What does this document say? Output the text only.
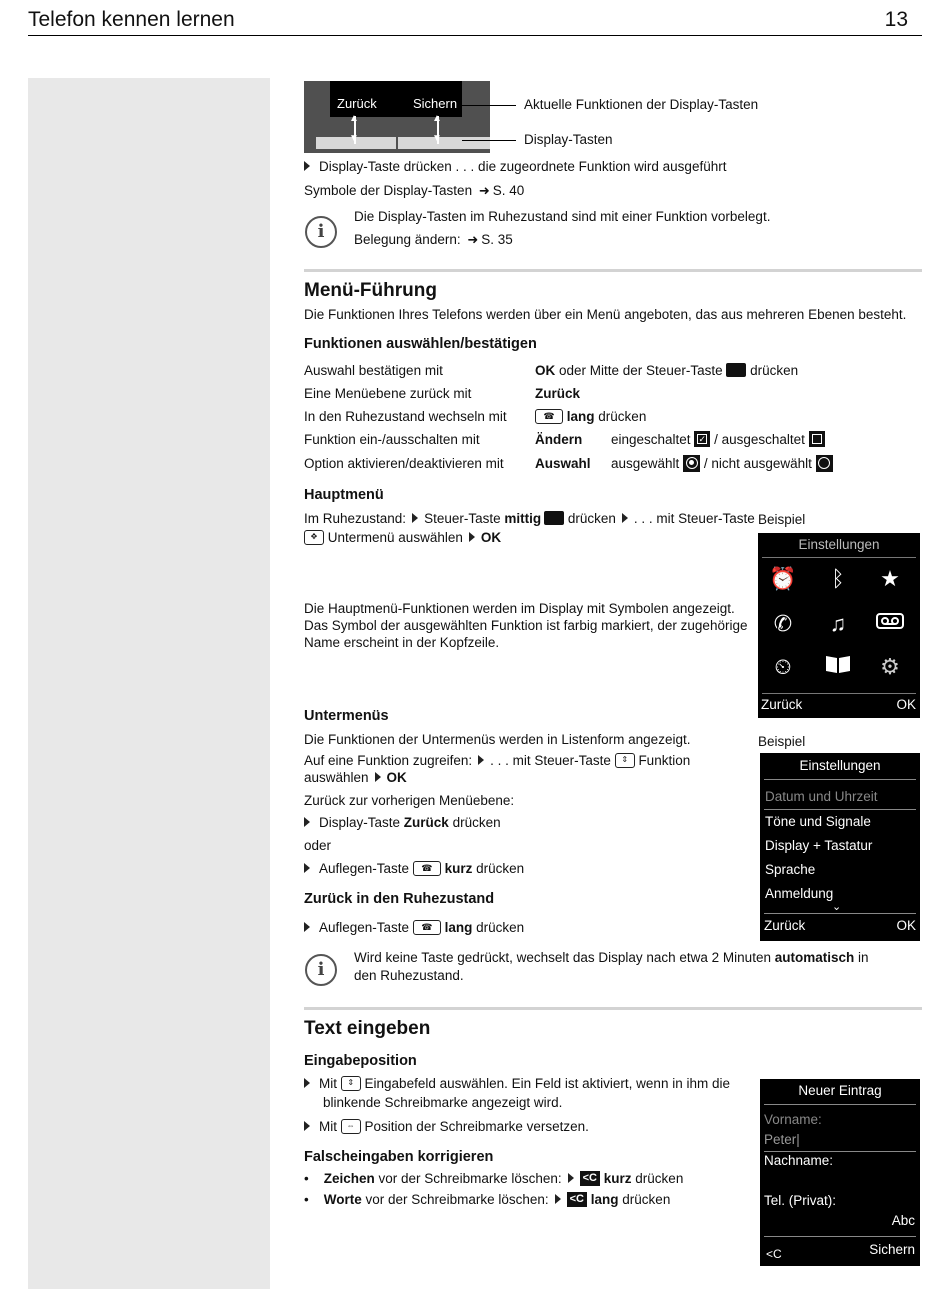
Telefon kennen lernen	13
Zurück	Sichern
▲
▼
▲
▼
Aktuelle Funktionen der Display-Tasten
Display-Tasten
Display-Taste drücken . . . die zugeordnete Funktion wird ausgeführt
Symbole der Display-Tasten ➜ S. 40
i
Die Display-Tasten im Ruhezustand sind mit einer Funktion vorbelegt.
Belegung ändern: ➜ S. 35
Menü-Führung
Die Funktionen Ihres Telefons werden über ein Menü angeboten, das aus mehreren Ebenen besteht.
Funktionen auswählen/bestätigen
Auswahl bestätigen mit	OK oder Mitte der Steuer-Taste drücken
Eine Menüebene zurück mit	Zurück
In den Ruhezustand wechseln mit	☎ lang drücken
Funktion ein-/ausschalten mit	Ändern eingeschaltet ✓ / ausgeschaltet
Option aktivieren/deaktivieren mit Auswahl ausgewählt / nicht ausgewählt
Hauptmenü
Im Ruhezustand: Steuer-Taste mittig drücken . . . mit Steuer-Taste
✥ Untermenü auswählen OK
Die Hauptmenü-Funktionen werden im Display mit Symbolen angezeigt.
Das Symbol der ausgewählten Funktion ist farbig markiert, der zugehörige
Name erscheint in der Kopfzeile.
Beispiel
Einstellungen
⏰	ᛒ	★
✆ ♫
⏲	⚙
Zurück	OK
Untermenüs
Die Funktionen der Untermenüs werden in Listenform angezeigt.
Auf eine Funktion zugreifen: . . . mit Steuer-Taste ⇕ Funktion
auswählen OK
Zurück zur vorherigen Menüebene:
Display-Taste Zurück drücken
oder
Auflegen-Taste ☎ kurz drücken
Beispiel
Einstellungen
Datum und Uhrzeit
Töne und Signale
Display + Tastatur
Sprache
Anmeldung
⌄
Zurück	OK
Zurück in den Ruhezustand
Auflegen-Taste ☎ lang drücken
i
Wird keine Taste gedrückt, wechselt das Display nach etwa 2 Minuten automatisch in
den Ruhezustand.
Text eingeben
Eingabeposition
Mit ⇕ Eingabefeld auswählen. Ein Feld ist aktiviert, wenn in ihm die
blinkende Schreibmarke angezeigt wird.
Mit ⇔ Position der Schreibmarke versetzen.
Falscheingaben korrigieren
• Zeichen vor der Schreibmarke löschen: <C kurz drücken
• Worte vor der Schreibmarke löschen: <C lang drücken
Neuer Eintrag
Vorname:
Peter|
Nachname:
Tel. (Privat):
Abc
<C	Sichern
